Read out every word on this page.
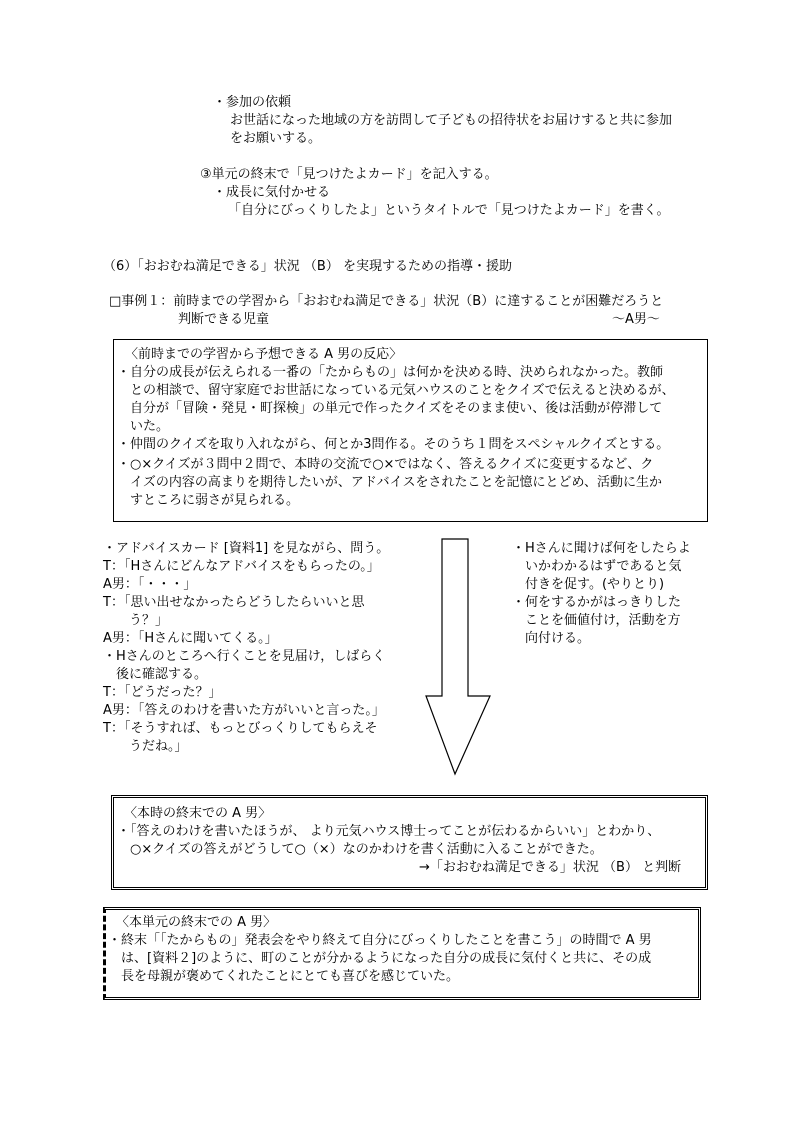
・参加の依頼
お世話になった地域の方を訪問して子どもの招待状をお届けすると共に参加
をお願いする。
③単元の終末で「見つけたよカード」を記入する。
・成長に気付かせる
「自分にびっくりしたよ」というタイトルで「見つけたよカード」を書く。
（6）「おおむね満足できる」状況 （B） を実現するための指導・援助
□事例１：前時までの学習から「おおむね満足できる」状況（B）に達することが困難だろうと
判断できる児童	～A男～
〈前時までの学習から予想できる A 男の反応〉
・自分の成長が伝えられる一番の「たからもの」は何かを決める時、決められなかった。教師
　との相談で、留守家庭でお世話になっている元気ハウスのことをクイズで伝えると決めるが、
　自分が「冒険・発見・町探検」の単元で作ったクイズをそのまま使い、後は活動が停滞して
　いた。
・仲間のクイズを取り入れながら、何とか3問作る。そのうち１問をスペシャルクイズとする。
・○×クイズが３問中２問で、本時の交流で○×ではなく、答えるクイズに変更するなど、ク
　イズの内容の高まりを期待したいが、アドバイスをされたことを記憶にとどめ、活動に生か
　すところに弱さが見られる。
・アドバイスカード [資料1] を見ながら、問う。
T：「Hさんにどんなアドバイスをもらったの。」
A男：「・・・」
T：「思い出せなかったらどうしたらいいと思
　　う？」
A男：「Hさんに聞いてくる。」
・Hさんのところへ行くことを見届け，しばらく
　後に確認する。
T：「どうだった？」
A男：「答えのわけを書いた方がいいと言った。」
T：「そうすれば、もっとびっくりしてもらえそ
　　うだね。」
・Hさんに聞けば何をしたらよ
　いかわかるはずであると気
　付きを促す。(やりとり)
・何をするかがはっきりした
　ことを価値付け，活動を方
　向付ける。
〈本時の終末での A 男〉
・「答えのわけを書いたほうが、 より元気ハウス博士ってことが伝わるからいい」とわかり、
　○×クイズの答えがどうして○（×）なのかわけを書く活動に入ることができた。
→「おおむね満足できる」状況 （B） と判断
〈本単元の終末での A 男〉
・終末「「たからもの」発表会をやり終えて自分にびっくりしたことを書こう」の時間で A 男
　は、[資料２]のように、町のことが分かるようになった自分の成長に気付くと共に、その成
　長を母親が褒めてくれたことにとても喜びを感じていた。
